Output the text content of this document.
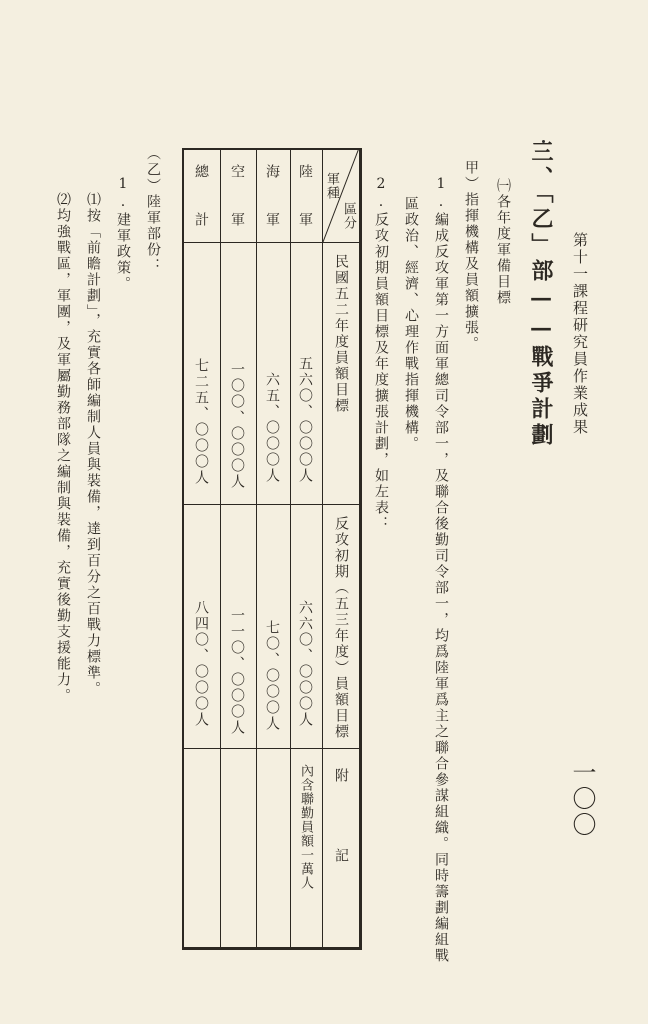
第十一課程研究員作業成果
一〇〇
三、「乙」部——戰爭計劃
㈠各年度軍備目標
甲）指揮機構及員額擴張。
1.編成反攻軍第一方面軍總司令部一，及聯合後勤司令部一，均爲陸軍爲主之聯合參謀組織。同時籌劃編組戰
區政治、經濟、心理作戰指揮機構。
2.反攻初期員額目標及年度擴張計劃，如左表：
區分
軍種
民國五二年度員額目標
反攻初期（五三年度）員額目標
附　　　　記
陸　　軍
五六〇、〇〇〇人
六六〇、〇〇〇人
內含聯勤員額一萬人
海　　軍
六五、〇〇〇人
七〇、〇〇〇人
空　　軍
一〇〇、〇〇〇人
一一〇、〇〇〇人
總　　計
七二五、〇〇〇人
八四〇、〇〇〇人
（乙）陸軍部份：
1.建軍政策。
⑴按「前瞻計劃」，充實各師編制人員與裝備，達到百分之百戰力標準。
⑵均強戰區，軍團，及軍屬勤務部隊之編制與裝備，充實後勤支援能力。
